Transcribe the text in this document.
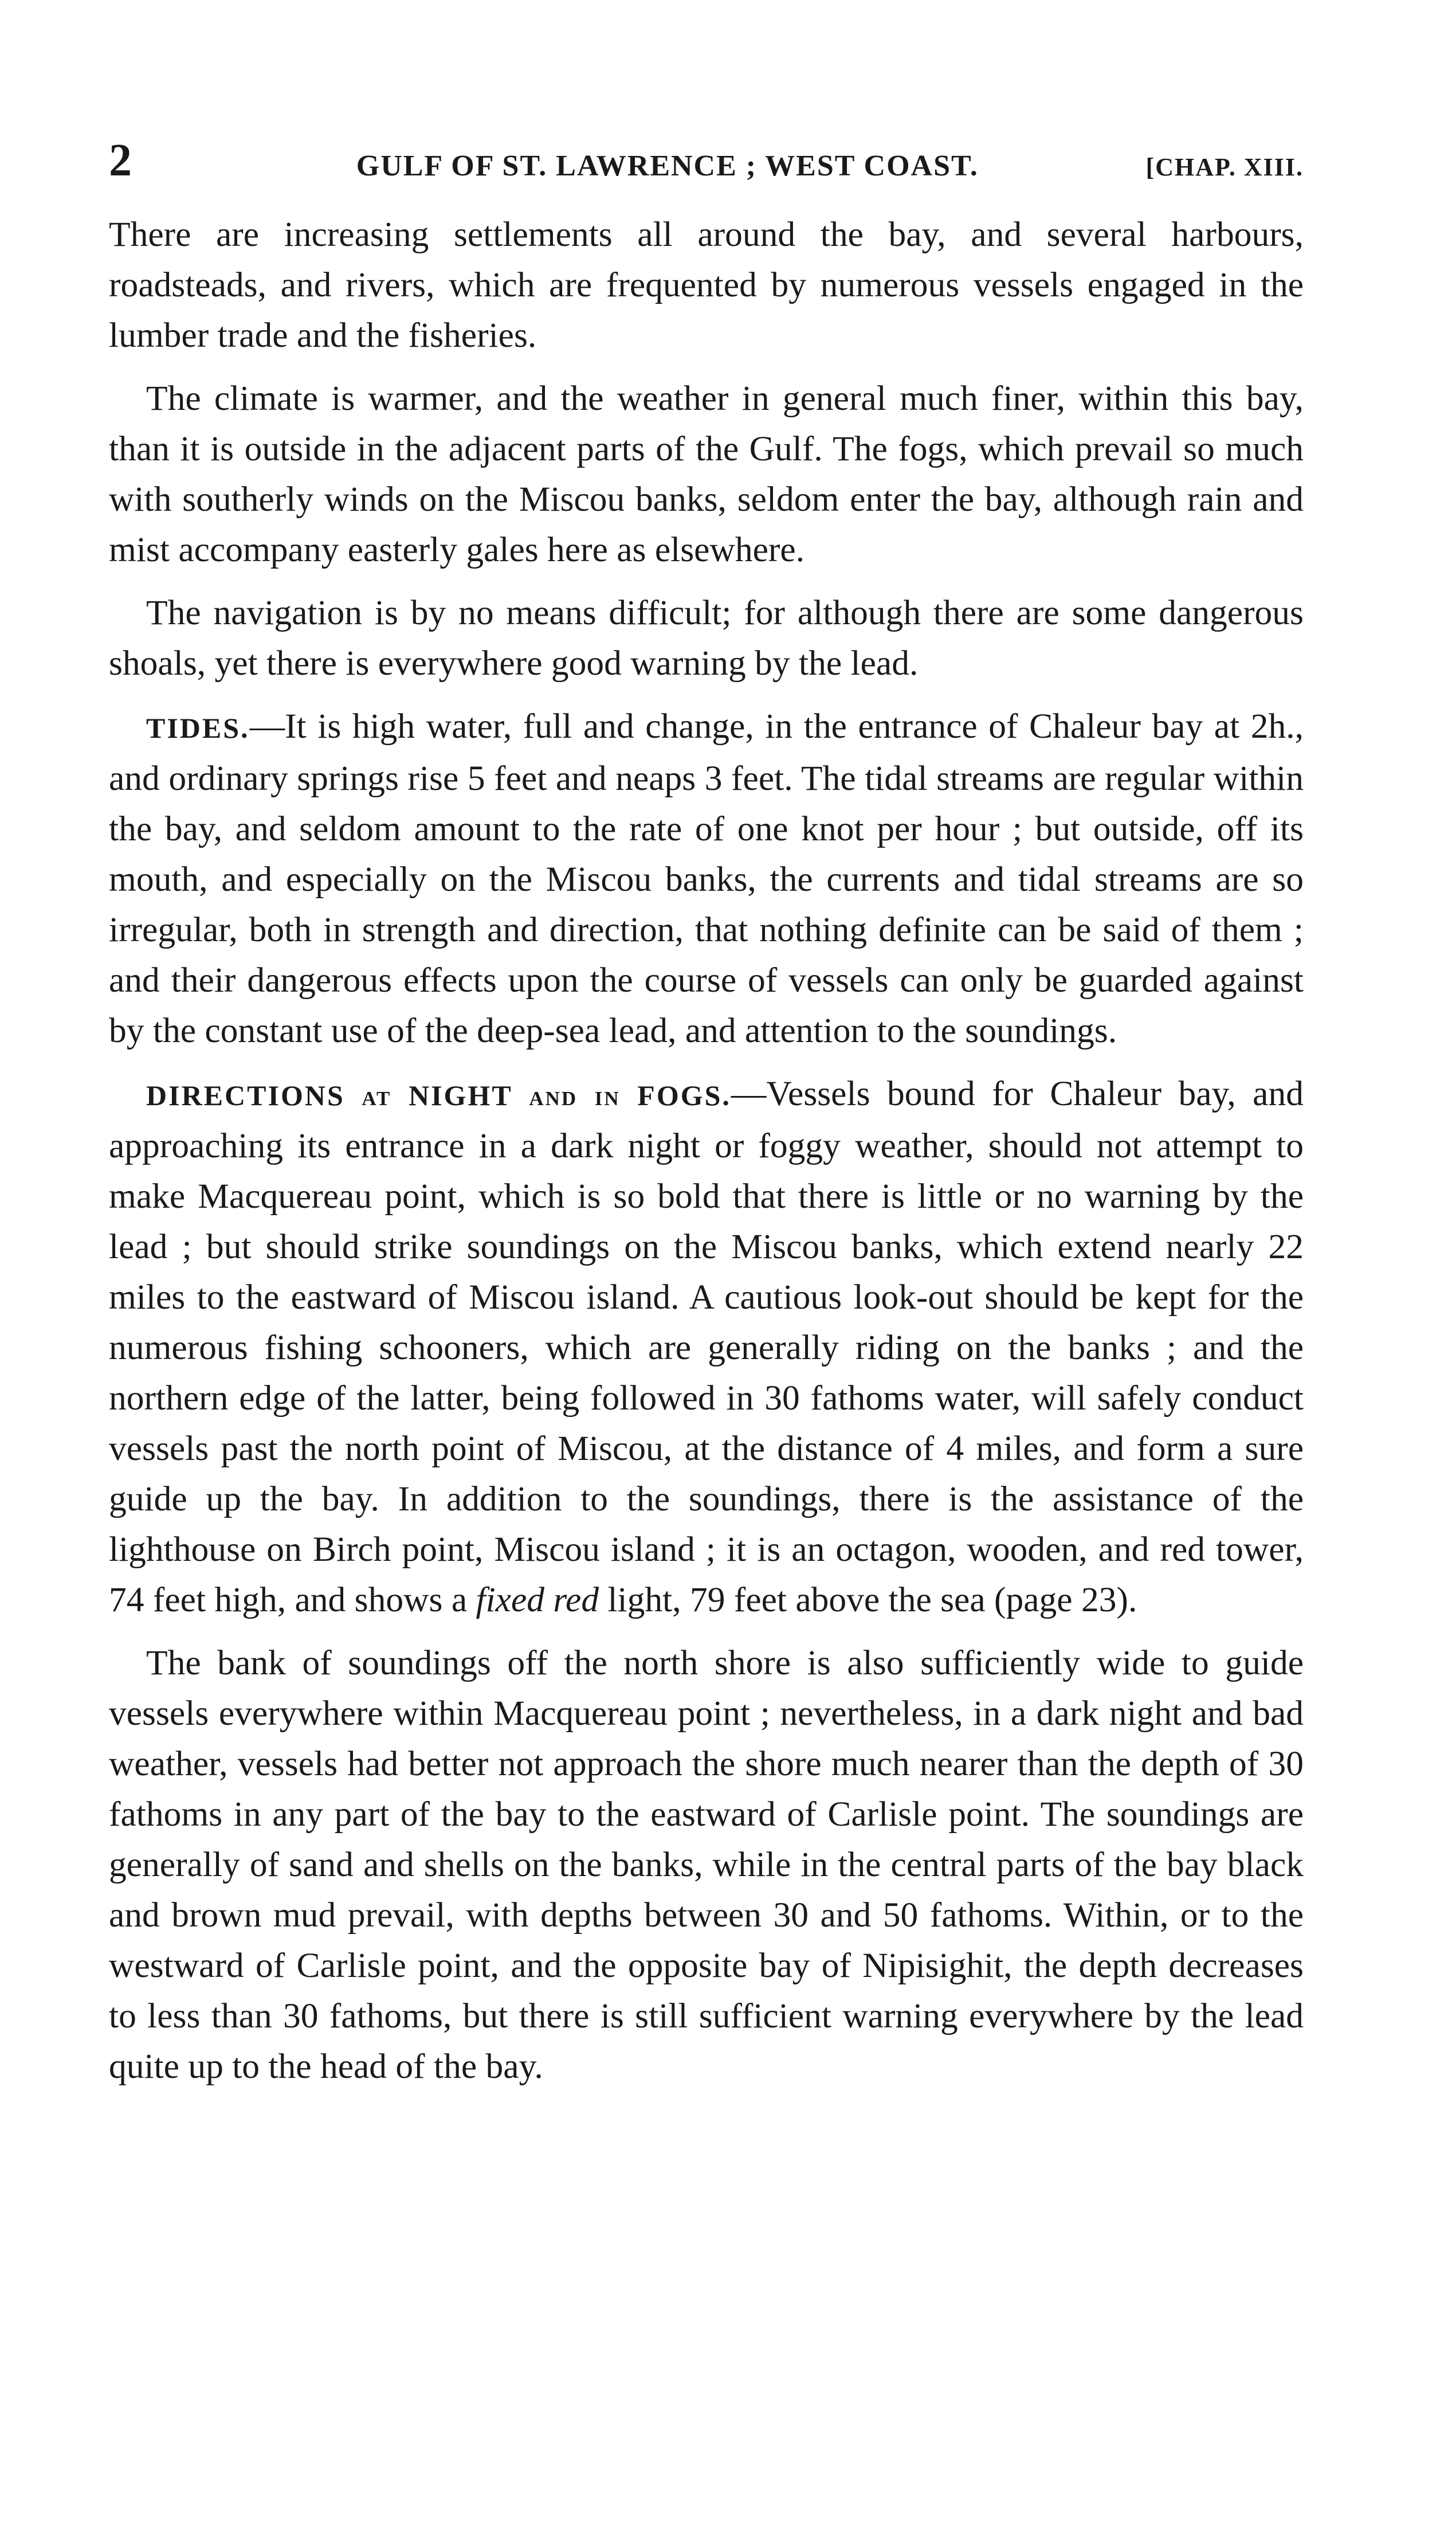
2	GULF OF ST. LAWRENCE ; WEST COAST.	[CHAP. XIII.

There are increasing settlements all around the bay, and several harbours, roadsteads, and rivers, which are frequented by numerous vessels engaged in the lumber trade and the fisheries.

The climate is warmer, and the weather in general much finer, within this bay, than it is outside in the adjacent parts of the Gulf. The fogs, which prevail so much with southerly winds on the Miscou banks, seldom enter the bay, although rain and mist accompany easterly gales here as elsewhere.

The navigation is by no means difficult; for although there are some dangerous shoals, yet there is everywhere good warning by the lead.

TIDES.—It is high water, full and change, in the entrance of Chaleur bay at 2h., and ordinary springs rise 5 feet and neaps 3 feet. The tidal streams are regular within the bay, and seldom amount to the rate of one knot per hour ; but outside, off its mouth, and especially on the Miscou banks, the currents and tidal streams are so irregular, both in strength and direction, that nothing definite can be said of them ; and their dangerous effects upon the course of vessels can only be guarded against by the constant use of the deep-sea lead, and attention to the soundings.

DIRECTIONS at NIGHT and in FOGS.—Vessels bound for Chaleur bay, and approaching its entrance in a dark night or foggy weather, should not attempt to make Macquereau point, which is so bold that there is little or no warning by the lead ; but should strike soundings on the Miscou banks, which extend nearly 22 miles to the eastward of Miscou island. A cautious look-out should be kept for the numerous fishing schooners, which are generally riding on the banks ; and the northern edge of the latter, being followed in 30 fathoms water, will safely conduct vessels past the north point of Miscou, at the distance of 4 miles, and form a sure guide up the bay. In addition to the soundings, there is the assistance of the lighthouse on Birch point, Miscou island ; it is an octagon, wooden, and red tower, 74 feet high, and shows a fixed red light, 79 feet above the sea (page 23).

The bank of soundings off the north shore is also sufficiently wide to guide vessels everywhere within Macquereau point ; nevertheless, in a dark night and bad weather, vessels had better not approach the shore much nearer than the depth of 30 fathoms in any part of the bay to the eastward of Carlisle point. The soundings are generally of sand and shells on the banks, while in the central parts of the bay black and brown mud prevail, with depths between 30 and 50 fathoms. Within, or to the westward of Carlisle point, and the opposite bay of Nipisighit, the depth decreases to less than 30 fathoms, but there is still sufficient warning everywhere by the lead quite up to the head of the bay.
